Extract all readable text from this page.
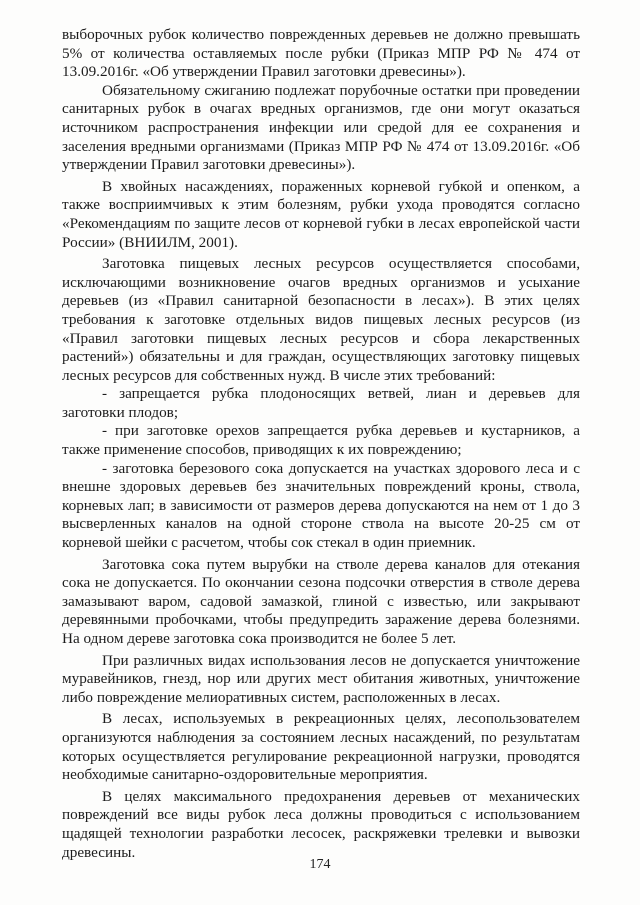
выборочных рубок количество поврежденных деревьев не должно превышать 5% от количества оставляемых после рубки (Приказ МПР РФ № 474 от 13.09.2016г. «Об утверждении Правил заготовки древесины»).

Обязательному сжиганию подлежат порубочные остатки при проведении санитарных рубок в очагах вредных организмов, где они могут оказаться источником распространения инфекции или средой для ее сохранения и заселения вредными организмами (Приказ МПР РФ № 474 от 13.09.2016г. «Об утверждении Правил заготовки древесины»).

В хвойных насаждениях, пораженных корневой губкой и опенком, а также восприимчивых к этим болезням, рубки ухода проводятся согласно «Рекомендациям по защите лесов от корневой губки в лесах европейской части России» (ВНИИЛМ, 2001).

Заготовка пищевых лесных ресурсов осуществляется способами, исключающими возникновение очагов вредных организмов и усыхание деревьев (из «Правил санитарной безопасности в лесах»). В этих целях требования к заготовке отдельных видов пищевых лесных ресурсов (из «Правил заготовки пищевых лесных ресурсов и сбора лекарственных растений») обязательны и для граждан, осуществляющих заготовку пищевых лесных ресурсов для собственных нужд. В числе этих требований:

- запрещается рубка плодоносящих ветвей, лиан и деревьев для заготовки плодов;

- при заготовке орехов запрещается рубка деревьев и кустарников, а также применение способов, приводящих к их повреждению;

- заготовка березового сока допускается на участках здорового леса и с внешне здоровых деревьев без значительных повреждений кроны, ствола, корневых лап; в зависимости от размеров дерева допускаются на нем от 1 до 3 высверленных каналов на одной стороне ствола на высоте 20-25 см от корневой шейки с расчетом, чтобы сок стекал в один приемник.

Заготовка сока путем вырубки на стволе дерева каналов для отекания сока не допускается. По окончании сезона подсочки отверстия в стволе дерева замазывают варом, садовой замазкой, глиной с известью, или закрывают деревянными пробочками, чтобы предупредить заражение дерева болезнями. На одном дереве заготовка сока производится не более 5 лет.

При различных видах использования лесов не допускается уничтожение муравейников, гнезд, нор или других мест обитания животных, уничтожение либо повреждение мелиоративных систем, расположенных в лесах.

В лесах, используемых в рекреационных целях, лесопользователем организуются наблюдения за состоянием лесных насаждений, по результатам которых осуществляется регулирование рекреационной нагрузки, проводятся необходимые санитарно-оздоровительные мероприятия.

В целях максимального предохранения деревьев от механических повреждений все виды рубок леса должны проводиться с использованием щадящей технологии разработки лесосек, раскряжевки трелевки и вывозки древесины.

174
